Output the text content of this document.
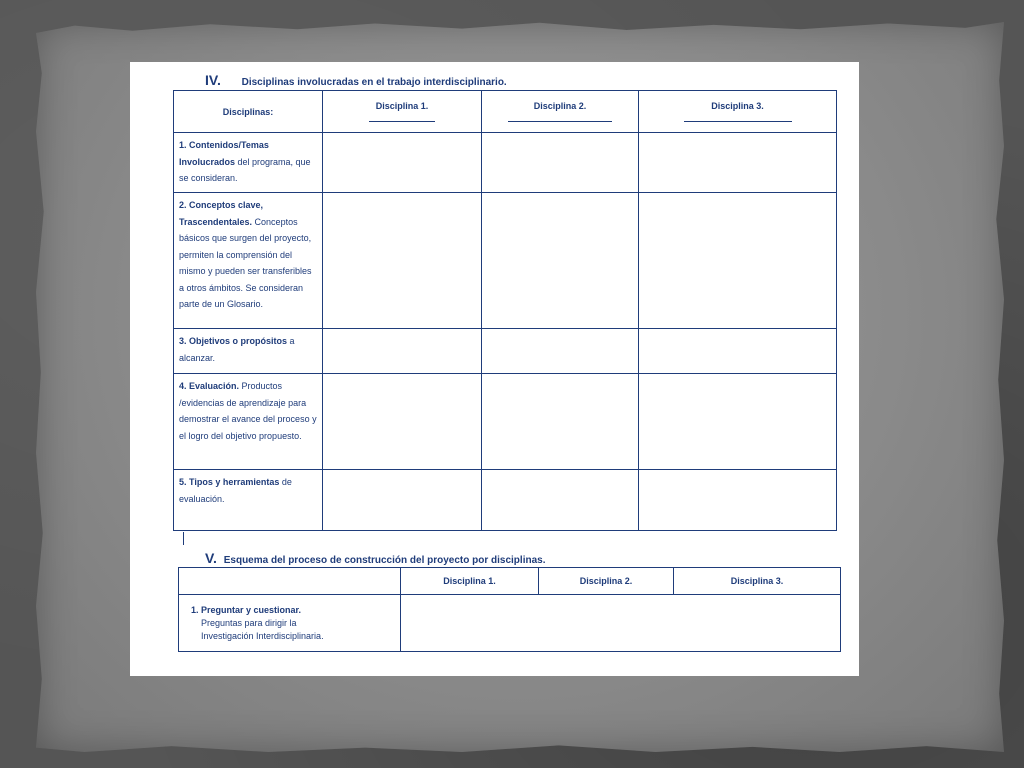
IV. Disciplinas involucradas en el trabajo interdisciplinario.
Disciplinas:	Disciplina 1.	Disciplina 2.	Disciplina 3.

1. Contenidos/Temas Involucrados del programa, que se consideran.			

2. Conceptos clave, Trascendentales. Conceptos básicos que surgen del proyecto, permiten la comprensión del mismo y pueden ser transferibles a otros ámbitos. Se consideran parte de un Glosario.			

3. Objetivos o propósitos a alcanzar.			

4. Evaluación. Productos /evidencias de aprendizaje para demostrar el avance del proceso y el logro del objetivo propuesto.			

5. Tipos y herramientas de evaluación.			

V. Esquema del proceso de construcción del proyecto por disciplinas.
	Disciplina 1.	Disciplina 2.	Disciplina 3.

1. Preguntar y cuestionar.
Preguntas para dirigir la Investigación Interdisciplinaria.			
